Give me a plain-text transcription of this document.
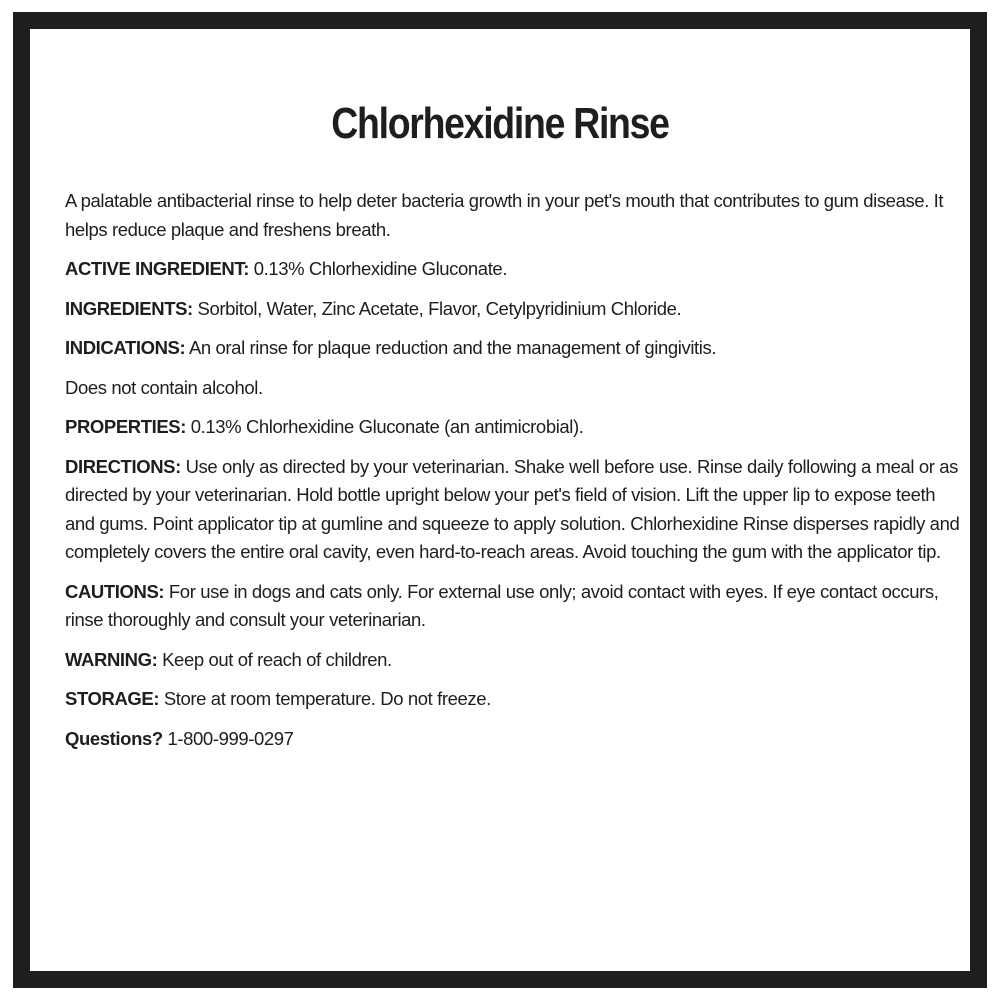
Chlorhexidine Rinse

A palatable antibacterial rinse to help deter bacteria growth in your pet's mouth that contributes to gum disease. It helps reduce plaque and freshens breath.

ACTIVE INGREDIENT: 0.13% Chlorhexidine Gluconate.

INGREDIENTS: Sorbitol, Water, Zinc Acetate, Flavor, Cetylpyridinium Chloride.

INDICATIONS: An oral rinse for plaque reduction and the management of gingivitis.

Does not contain alcohol.

PROPERTIES: 0.13% Chlorhexidine Gluconate (an antimicrobial).

DIRECTIONS: Use only as directed by your veterinarian. Shake well before use. Rinse daily following a meal or as directed by your veterinarian. Hold bottle upright below your pet's field of vision. Lift the upper lip to expose teeth and gums. Point applicator tip at gumline and squeeze to apply solution. Chlorhexidine Rinse disperses rapidly and completely covers the entire oral cavity, even hard-to-reach areas. Avoid touching the gum with the applicator tip.

CAUTIONS: For use in dogs and cats only. For external use only; avoid contact with eyes. If eye contact occurs, rinse thoroughly and consult your veterinarian.

WARNING: Keep out of reach of children.

STORAGE: Store at room temperature. Do not freeze.

Questions? 1-800-999-0297
